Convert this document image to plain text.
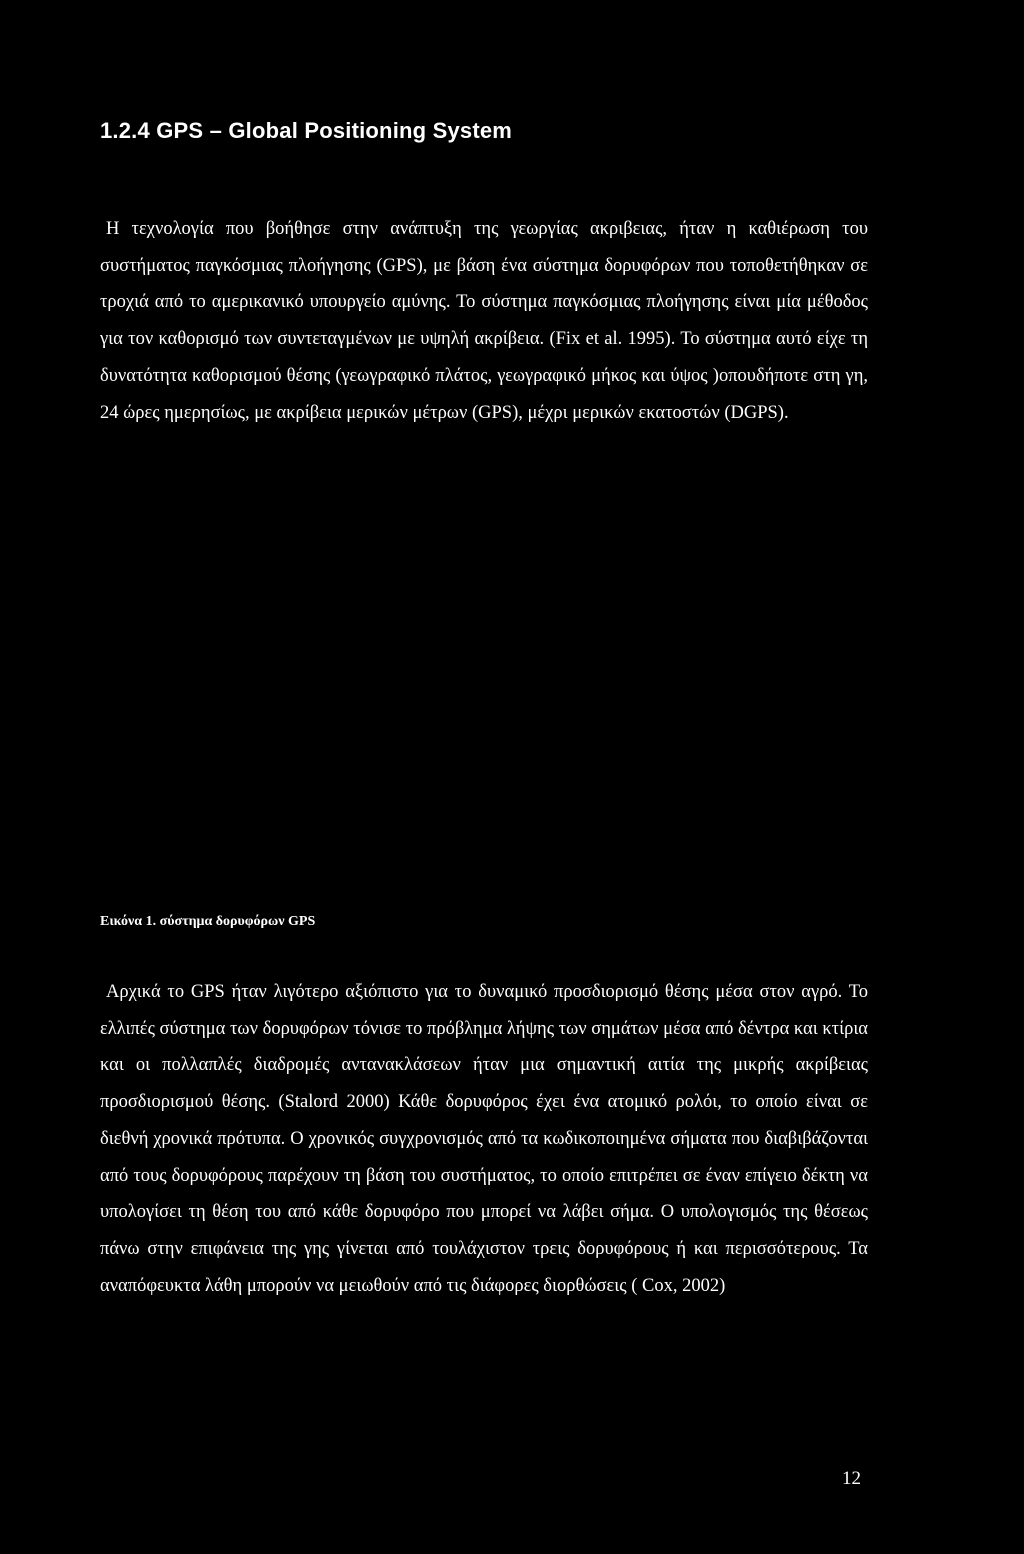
1.2.4 GPS – Global Positioning System

Η τεχνολογία που βοήθησε στην ανάπτυξη της γεωργίας ακριβειας, ήταν η καθιέρωση του συστήματος παγκόσμιας πλοήγησης (GPS), με βάση ένα σύστημα δορυφόρων που τοποθετήθηκαν σε τροχιά από το αμερικανικό υπουργείο αμύνης. Το σύστημα παγκόσμιας πλοήγησης είναι μία μέθοδος για τον καθορισμό των συντεταγμένων με υψηλή ακρίβεια. (Fix et al. 1995). Το σύστημα αυτό είχε τη δυνατότητα καθορισμού θέσης (γεωγραφικό πλάτος, γεωγραφικό μήκος και ύψος )οπουδήποτε στη γη, 24 ώρες ημερησίως, με ακρίβεια μερικών μέτρων (GPS), μέχρι μερικών εκατοστών (DGPS).

Εικόνα 1. σύστημα δορυφόρων GPS

Αρχικά το GPS ήταν λιγότερο αξιόπιστο για το δυναμικό προσδιορισμό θέσης μέσα στον αγρό. Το ελλιπές σύστημα των δορυφόρων τόνισε το πρόβλημα λήψης των σημάτων μέσα από δέντρα και κτίρια και οι πολλαπλές διαδρομές αντανακλάσεων ήταν μια σημαντική αιτία της μικρής ακρίβειας προσδιορισμού θέσης. (Stalord 2000) Κάθε δορυφόρος έχει ένα ατομικό ρολόι, το οποίο είναι σε διεθνή χρονικά πρότυπα. Ο χρονικός συγχρονισμός από τα κωδικοποιημένα σήματα που διαβιβάζονται από τους δορυφόρους παρέχουν τη βάση του συστήματος, το οποίο επιτρέπει σε έναν επίγειο δέκτη να υπολογίσει τη θέση του από κάθε δορυφόρο που μπορεί να λάβει σήμα. Ο υπολογισμός της θέσεως πάνω στην επιφάνεια της γης γίνεται από τουλάχιστον τρεις δορυφόρους ή και περισσότερους. Τα αναπόφευκτα λάθη μπορούν να μειωθούν από τις διάφορες διορθώσεις ( Cox, 2002)

12
